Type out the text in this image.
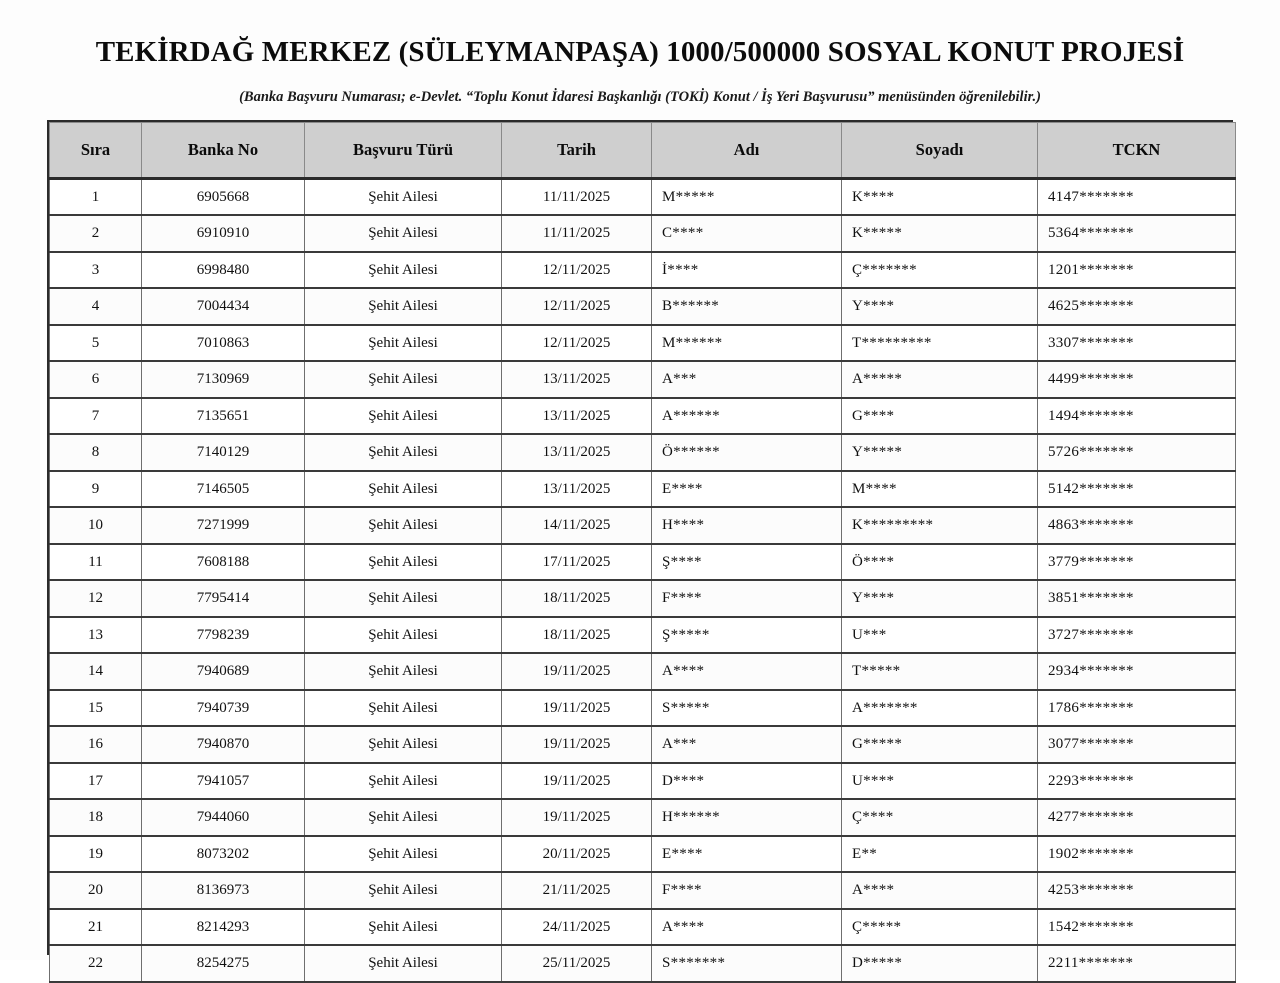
TEKİRDAĞ MERKEZ (SÜLEYMANPAŞA) 1000/500000 SOSYAL KONUT PROJESİ

(Banka Başvuru Numarası; e-Devlet. “Toplu Konut İdaresi Başkanlığı (TOKİ) Konut / İş Yeri Başvurusu” menüsünden öğrenilebilir.)

Sıra	Banka No	Başvuru Türü	Tarih	Adı	Soyadı	TCKN
1	6905668	Şehit Ailesi	11/11/2025	M*****	K****	4147*******
2	6910910	Şehit Ailesi	11/11/2025	C****	K*****	5364*******
3	6998480	Şehit Ailesi	12/11/2025	İ****	Ç*******	1201*******
4	7004434	Şehit Ailesi	12/11/2025	B******	Y****	4625*******
5	7010863	Şehit Ailesi	12/11/2025	M******	T*********	3307*******
6	7130969	Şehit Ailesi	13/11/2025	A***	A*****	4499*******
7	7135651	Şehit Ailesi	13/11/2025	A******	G****	1494*******
8	7140129	Şehit Ailesi	13/11/2025	Ö******	Y*****	5726*******
9	7146505	Şehit Ailesi	13/11/2025	E****	M****	5142*******
10	7271999	Şehit Ailesi	14/11/2025	H****	K*********	4863*******
11	7608188	Şehit Ailesi	17/11/2025	Ş****	Ö****	3779*******
12	7795414	Şehit Ailesi	18/11/2025	F****	Y****	3851*******
13	7798239	Şehit Ailesi	18/11/2025	Ş*****	U***	3727*******
14	7940689	Şehit Ailesi	19/11/2025	A****	T*****	2934*******
15	7940739	Şehit Ailesi	19/11/2025	S*****	A*******	1786*******
16	7940870	Şehit Ailesi	19/11/2025	A***	G*****	3077*******
17	7941057	Şehit Ailesi	19/11/2025	D****	U****	2293*******
18	7944060	Şehit Ailesi	19/11/2025	H******	Ç****	4277*******
19	8073202	Şehit Ailesi	20/11/2025	E****	E**	1902*******
20	8136973	Şehit Ailesi	21/11/2025	F****	A****	4253*******
21	8214293	Şehit Ailesi	24/11/2025	A****	Ç*****	1542*******
22	8254275	Şehit Ailesi	25/11/2025	S*******	D*****	2211*******
